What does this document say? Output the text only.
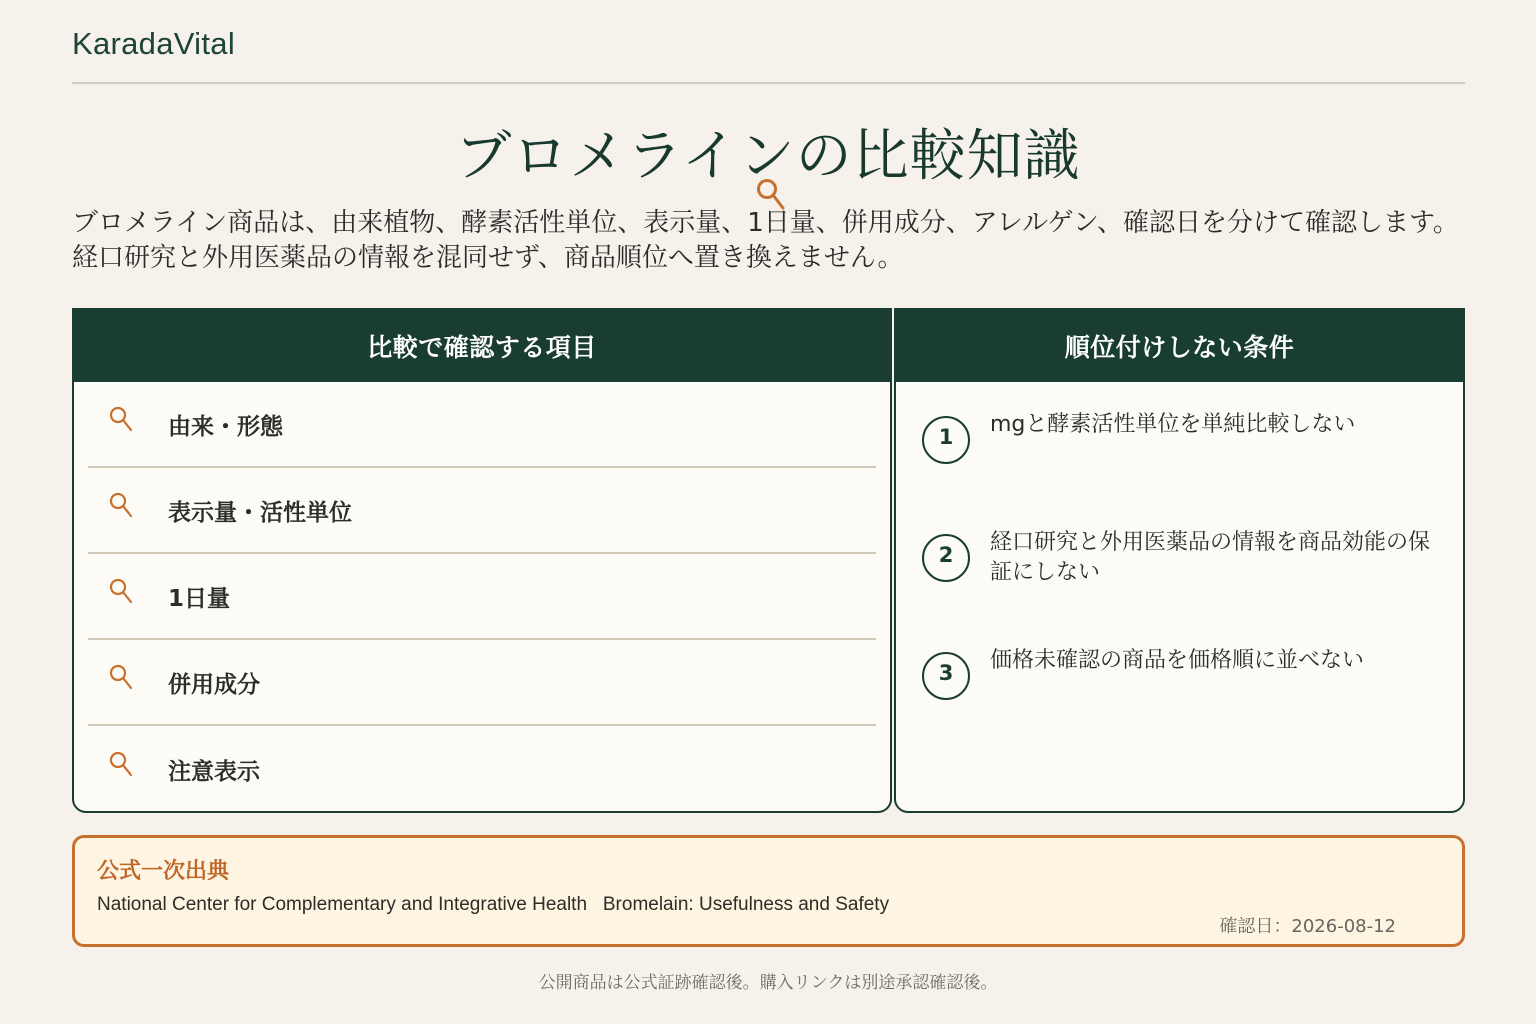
KaradaVital
ブロメラインの比較知識

ブロメライン商品は、由来植物、酵素活性単位、表示量、1日量、併用成分、アレルゲン、確認日を分けて確認します。経口研究と外用医薬品の情報を混同せず、商品順位へ置き換えません。

比較で確認する項目
由来・形態
表示量・活性単位
1日量
併用成分
注意表示
順位付けしない条件
1	mgと酵素活性単位を単純比較しない
2	経口研究と外用医薬品の情報を商品効能の保証にしない
3	価格未確認の商品を価格順に並べない
公式一次出典
National Center for Complementary and Integrative Health Bromelain: Usefulness and Safety
確認日：2026-08-12
公開商品は公式証跡確認後。購入リンクは別途承認確認後。
